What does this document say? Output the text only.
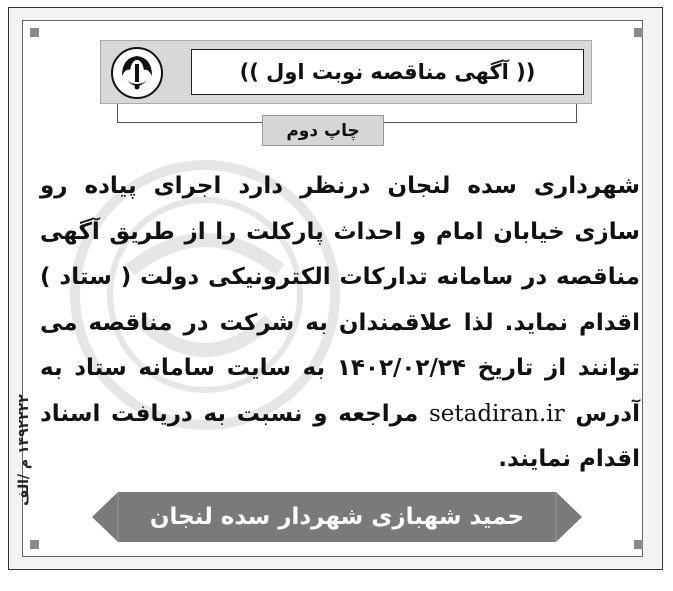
(( آگهی مناقصه نوبت اول ))
چاپ دوم
شهرداری سده لنجان درنظر دارد اجرای پیاده رو سازی خیابان امام و احداث پارکلت را از طریق آگهی مناقصه در سامانه تدارکات الکترونیکی دولت ( ستاد ) اقدام نماید. لذا علاقمندان به شرکت در مناقصه می توانند از تاریخ ۱۴۰۲/۰۲/۲۴ به سایت سامانه ستاد به آدرس setadiran.ir مراجعه و نسبت به دریافت اسناد اقدام نمایند.
۱۴۹۲۲۲۲ م /الف
حمید شهبازی شهردار سده لنجان
